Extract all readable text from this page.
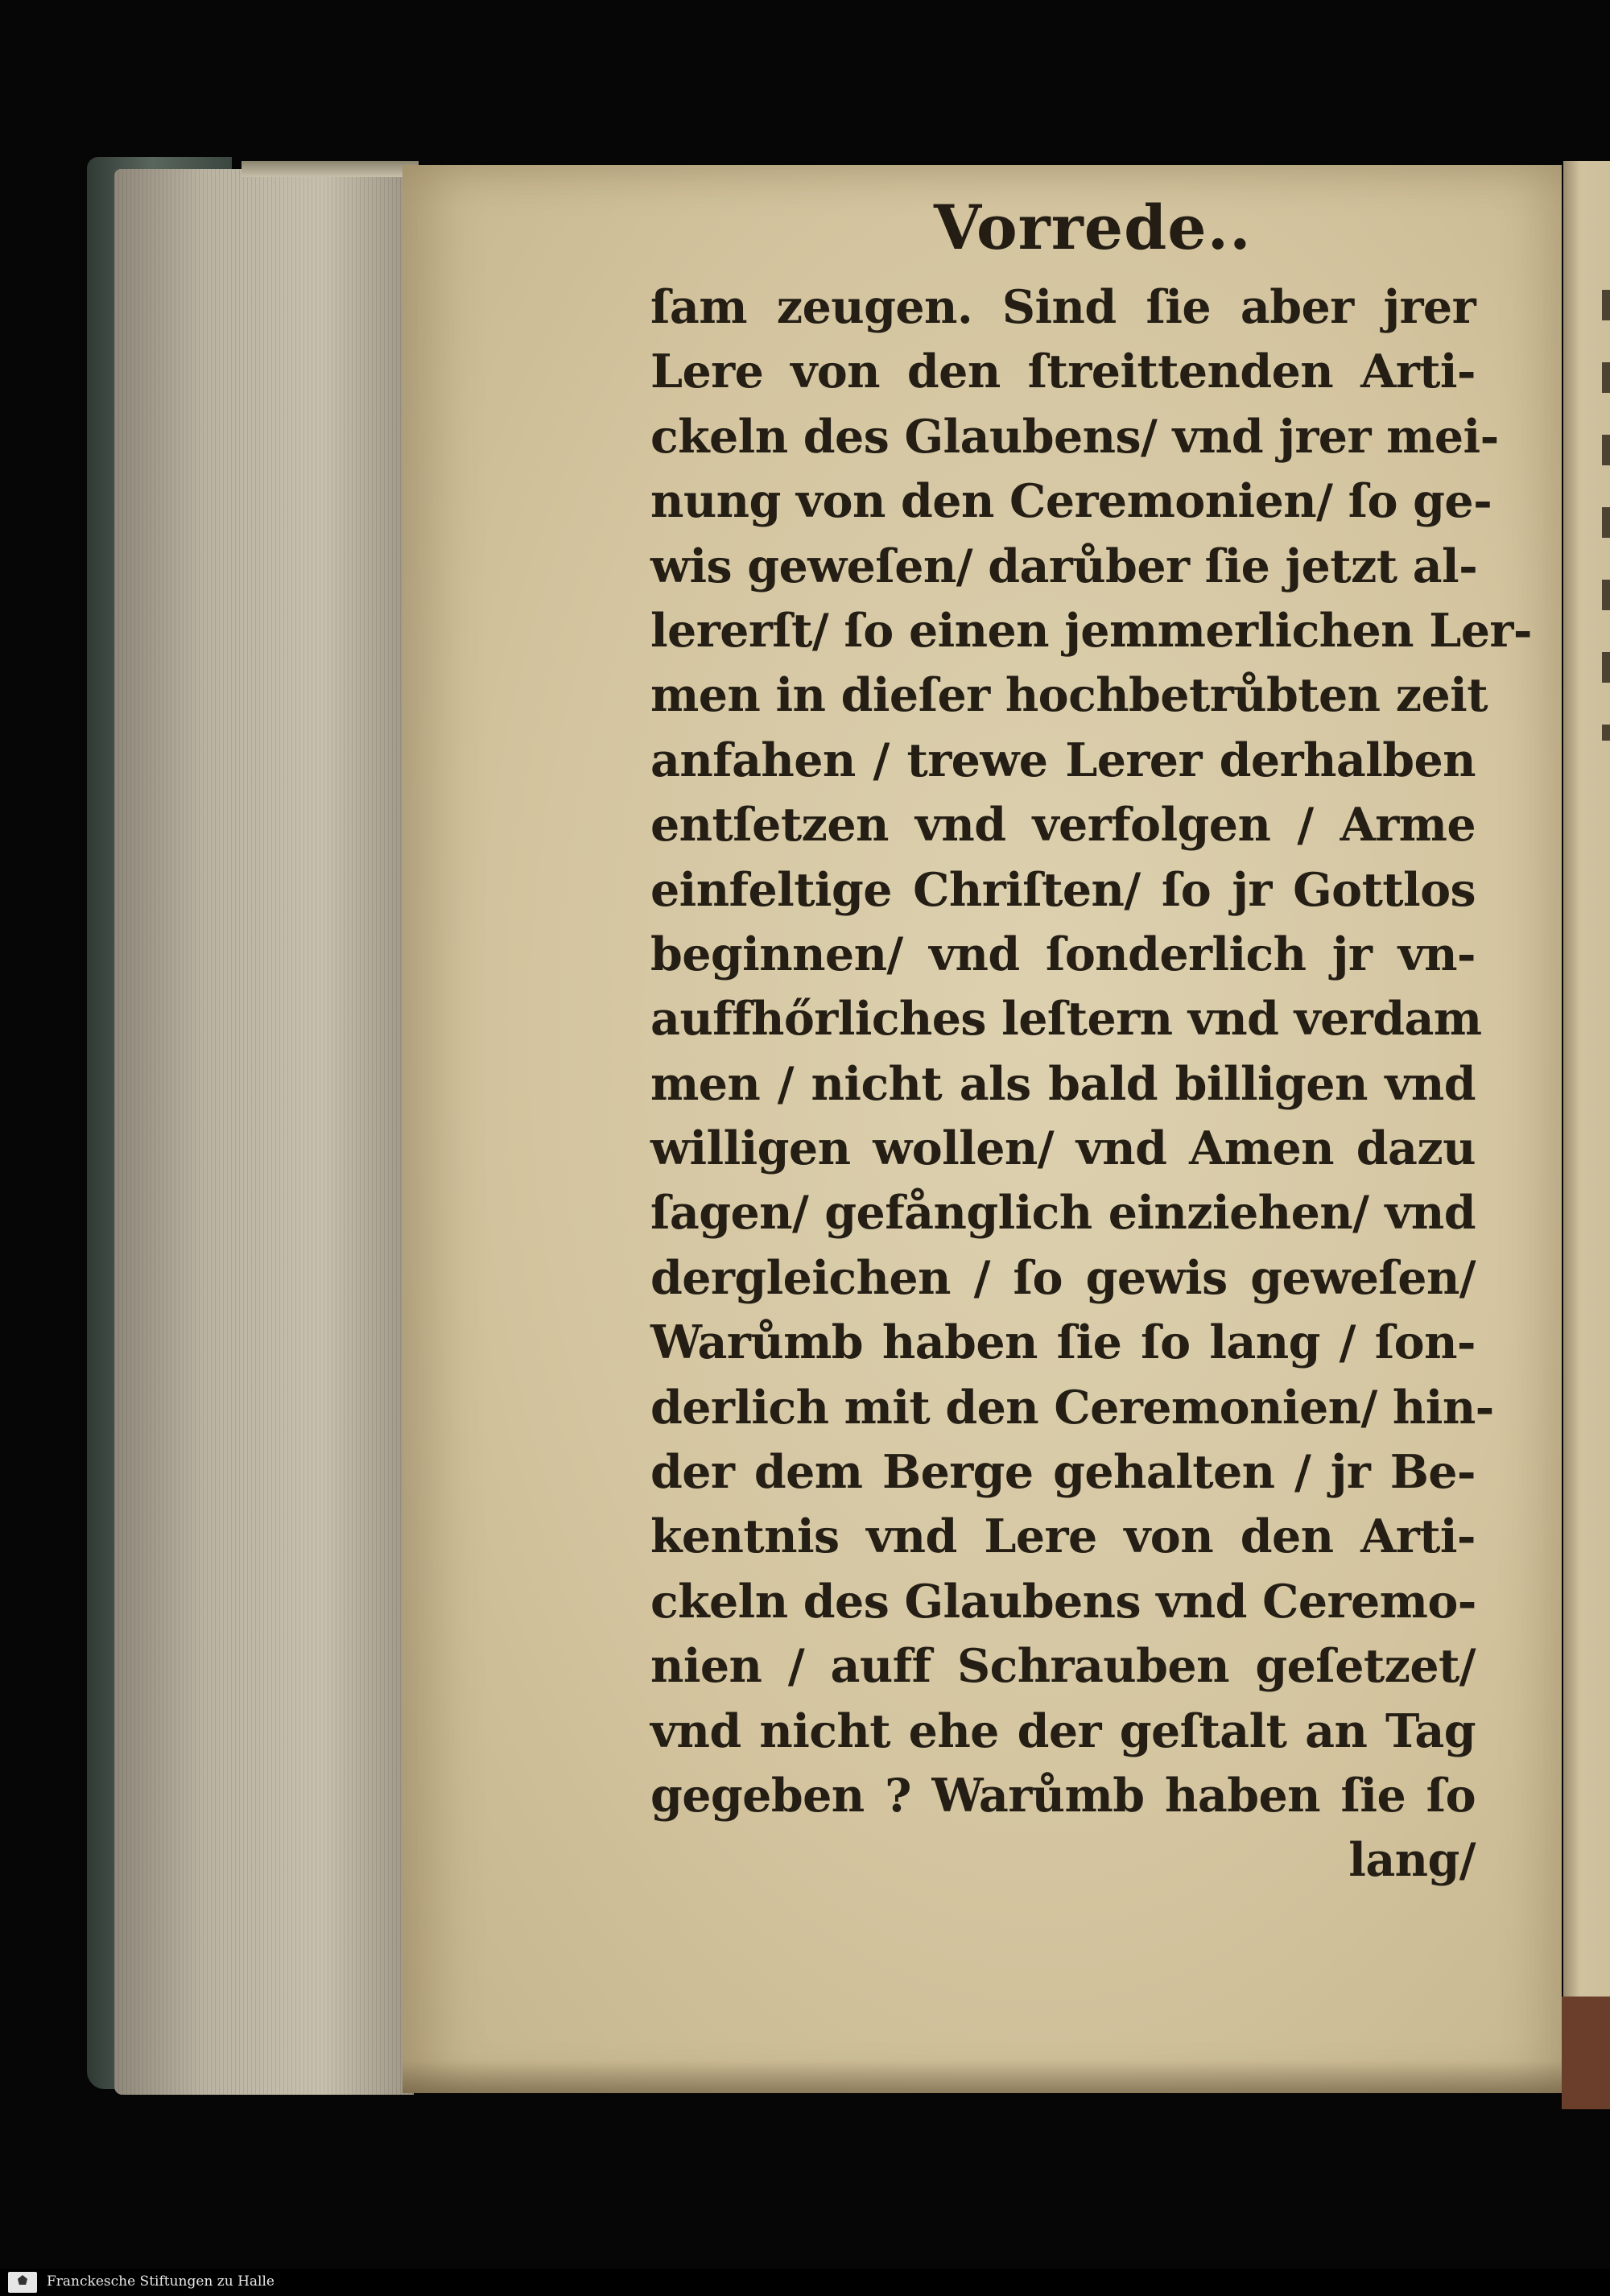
Vorrede..
ſam zeugen. Sind ſie aber jrer
Lere von den ſtreittenden Arti-
ckeln des Glaubens/ vnd jrer mei-
nung von den Ceremonien/ ſo ge-
wis geweſen/ darůber ſie jetzt al-
lererſt/ ſo einen jemmerlichen Ler-
men in dieſer hochbetrůbten zeit
anfahen / trewe Lerer derhalben
entſetzen vnd verfolgen / Arme
einfeltige Chriſten/ ſo jr Gottlos
beginnen/ vnd ſonderlich jr vn-
auffhőrliches leſtern vnd verdam
men / nicht als bald billigen vnd
willigen wollen/ vnd Amen dazu
ſagen/ gefånglich einziehen/ vnd
dergleichen / ſo gewis geweſen/
Warůmb haben ſie ſo lang / ſon-
derlich mit den Ceremonien/ hin-
der dem Berge gehalten / jr Be-
kentnis vnd Lere von den Arti-
ckeln des Glaubens vnd Ceremo-
nien / auff Schrauben geſetzet/
vnd nicht ehe der geſtalt an Tag
gegeben ? Warůmb haben ſie ſo
lang/
Franckesche Stiftungen zu Halle
